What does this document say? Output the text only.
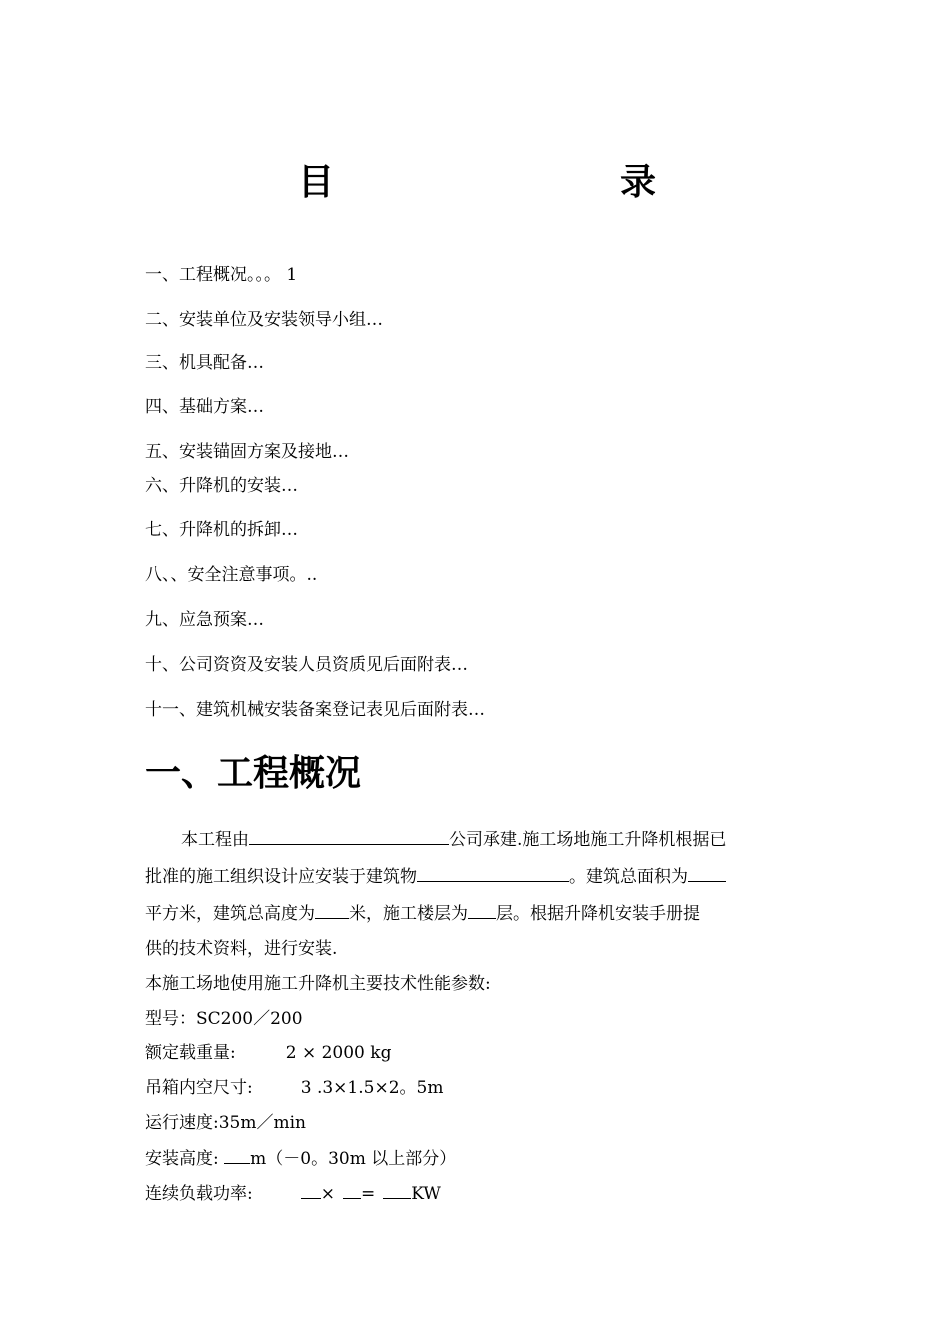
目	录
一、工程概况。。。 1
二、安装单位及安装领导小组…
三、机具配备…
四、基础方案…
五、安装锚固方案及接地…
六、升降机的安装…
七、升降机的拆卸…
八、、安全注意事项。..
九、应急预案…
十、公司资资及安装人员资质见后面附表…
十一、建筑机械安装备案登记表见后面附表…
一、工程概况
本工程由	公司承建.施工场地施工升降机根据已
批准的施工组织设计应安装于建筑物	。建筑总面积为
平方米，建筑总高度为 米，施工楼层为 层。根据升降机安装手册提
供的技术资料，进行安装.
本施工场地使用施工升降机主要技术性能参数:
型号：SC200／200
额定载重量:	2 × 2000 kg
吊箱内空尺寸:	3 .3×1.5×2。5m
运行速度:35m／min
安装高度: m（－0。30m 以上部分）
连续负载功率:	× = KW
